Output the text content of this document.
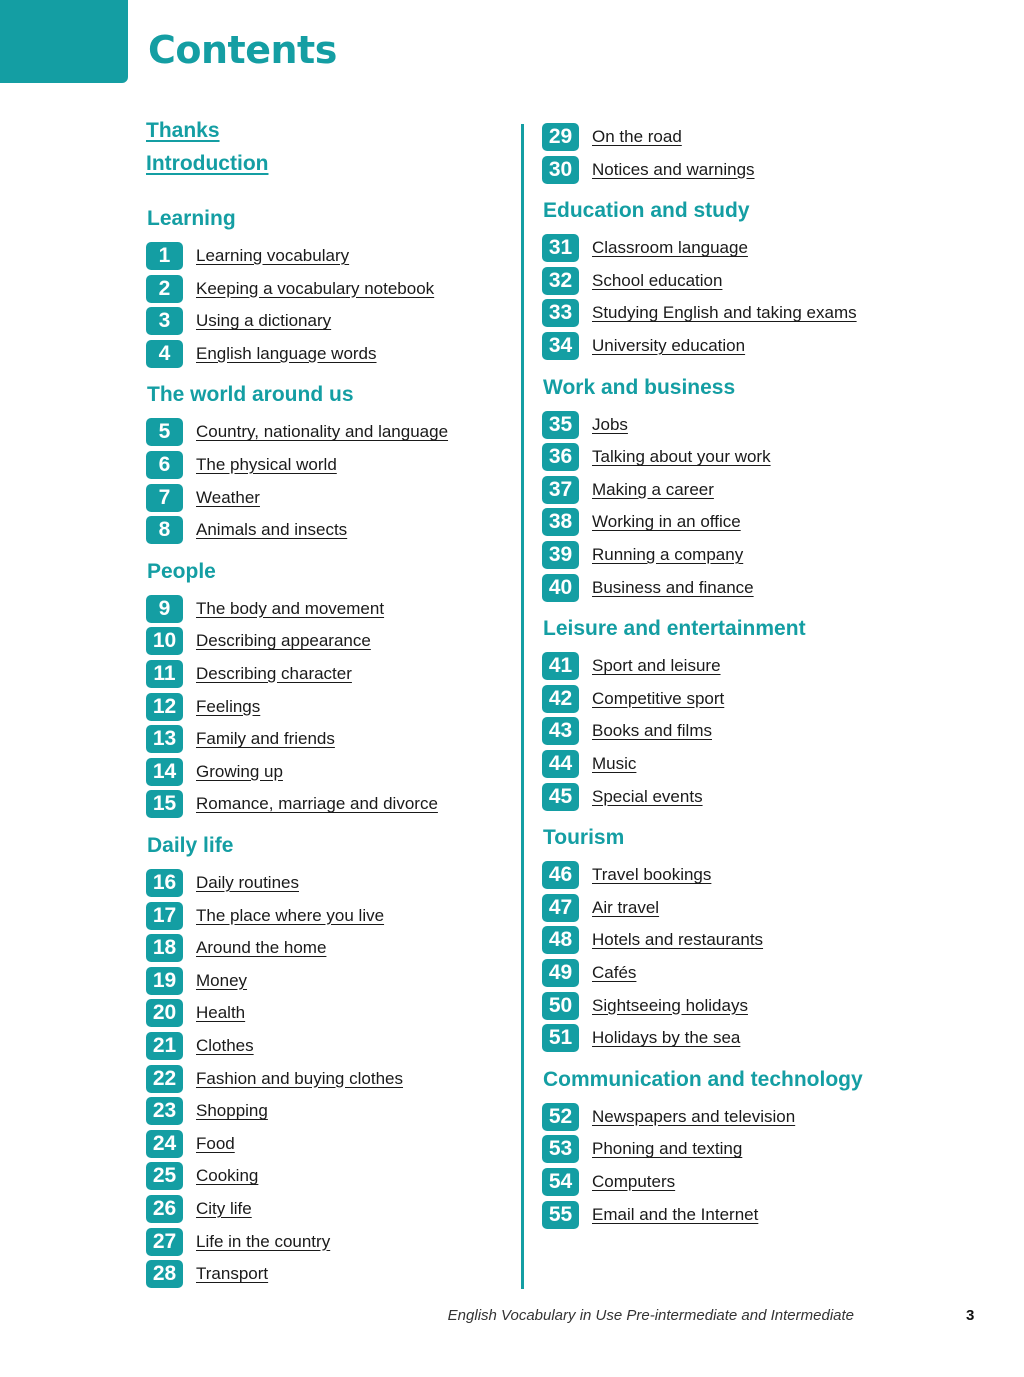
Contents
Thanks
Introduction
Learning
1	Learning vocabulary
2	Keeping a vocabulary notebook
3	Using a dictionary
4	English language words
The world around us
5	Country, nationality and language
6	The physical world
7	Weather
8	Animals and insects
People
9	The body and movement
10	Describing appearance
11	Describing character
12	Feelings
13	Family and friends
14	Growing up
15	Romance, marriage and divorce
Daily life
16	Daily routines
17	The place where you live
18	Around the home
19	Money
20	Health
21	Clothes
22	Fashion and buying clothes
23	Shopping
24	Food
25	Cooking
26	City life
27	Life in the country
28	Transport
29	On the road
30	Notices and warnings
Education and study
31	Classroom language
32	School education
33	Studying English and taking exams
34	University education
Work and business
35	Jobs
36	Talking about your work
37	Making a career
38	Working in an office
39	Running a company
40	Business and finance
Leisure and entertainment
41	Sport and leisure
42	Competitive sport
43	Books and films
44	Music
45	Special events
Tourism
46	Travel bookings
47	Air travel
48	Hotels and restaurants
49	Cafés
50	Sightseeing holidays
51	Holidays by the sea
Communication and technology
52	Newspapers and television
53	Phoning and texting
54	Computers
55	Email and the Internet
English Vocabulary in Use Pre-intermediate and Intermediate	3
